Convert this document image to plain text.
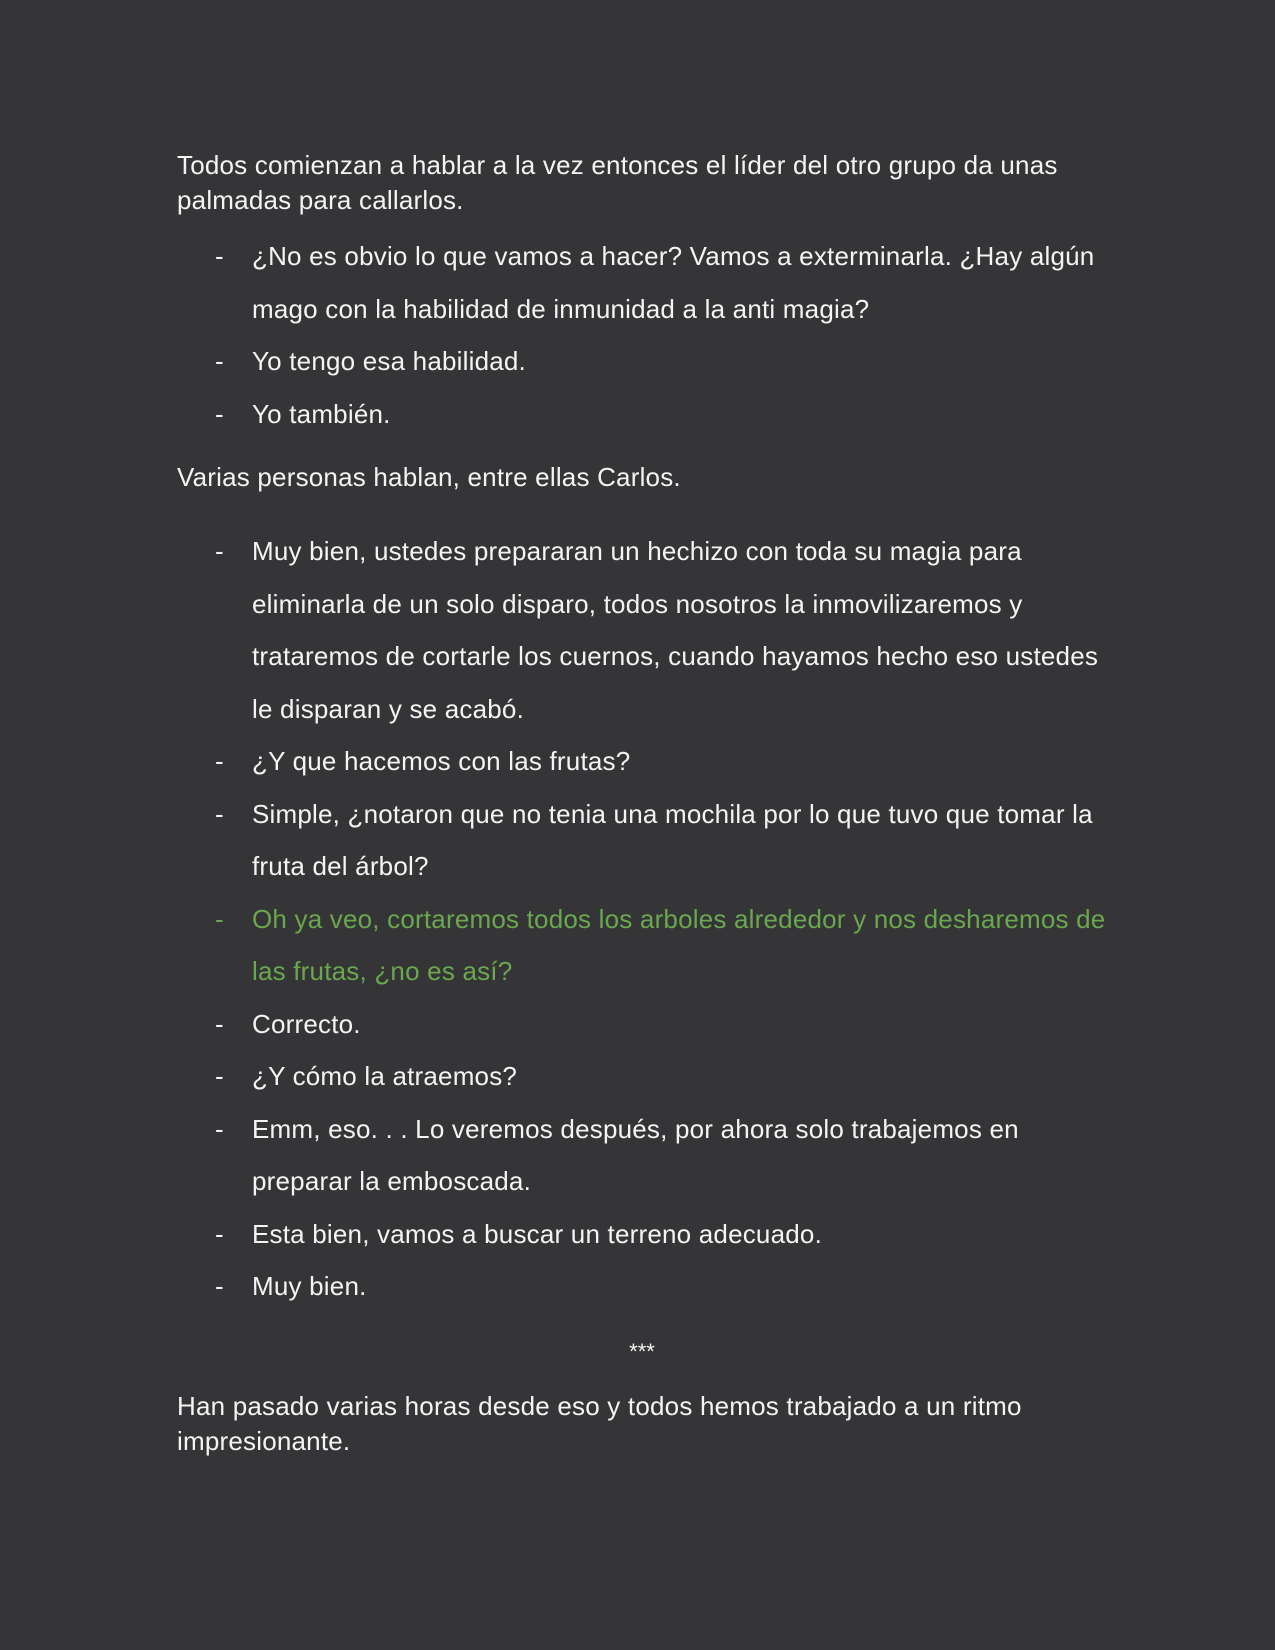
Todos comienzan a hablar a la vez entonces el líder del otro grupo da unas palmadas para callarlos.

- ¿No es obvio lo que vamos a hacer? Vamos a exterminarla. ¿Hay algún mago con la habilidad de inmunidad a la anti magia?
- Yo tengo esa habilidad.
- Yo también.

Varias personas hablan, entre ellas Carlos.

- Muy bien, ustedes prepararan un hechizo con toda su magia para eliminarla de un solo disparo, todos nosotros la inmovilizaremos y trataremos de cortarle los cuernos, cuando hayamos hecho eso ustedes le disparan y se acabó.
- ¿Y que hacemos con las frutas?
- Simple, ¿notaron que no tenia una mochila por lo que tuvo que tomar la fruta del árbol?
- Oh ya veo, cortaremos todos los arboles alrededor y nos desharemos de las frutas, ¿no es así?
- Correcto.
- ¿Y cómo la atraemos?
- Emm, eso. . . Lo veremos después, por ahora solo trabajemos en preparar la emboscada.
- Esta bien, vamos a buscar un terreno adecuado.
- Muy bien.

***

Han pasado varias horas desde eso y todos hemos trabajado a un ritmo impresionante.
